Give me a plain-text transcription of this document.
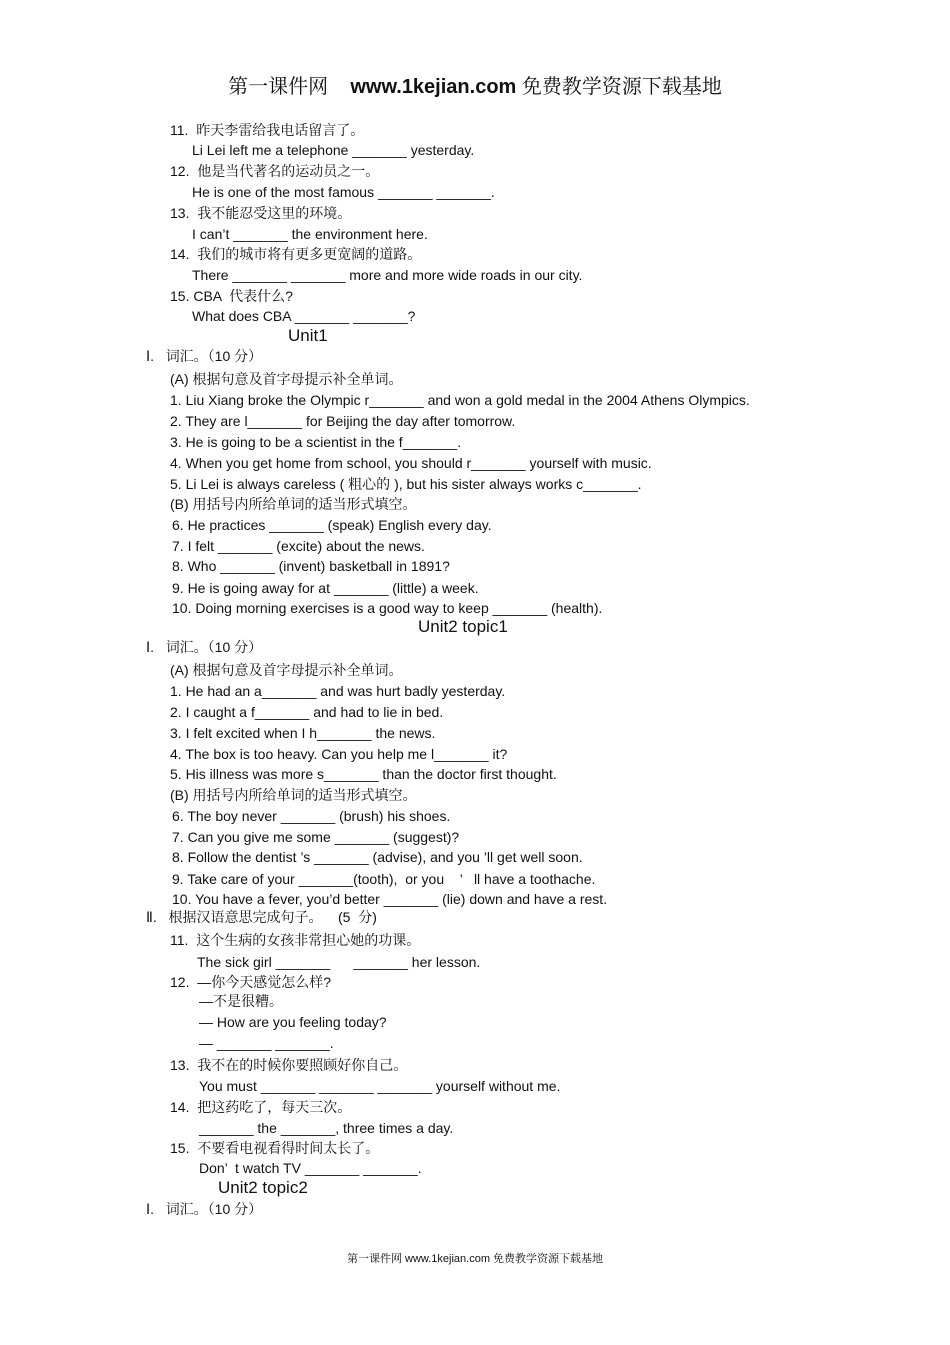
第一课件网 www.1kejian.com 免费教学资源下载基地
11.  昨天李雷给我电话留言了。
Li Lei left me a telephone _______ yesterday.
12.  他是当代著名的运动员之一。
He is one of the most famous _______ _______.
13.  我不能忍受这里的环境。
I can’t _______ the environment here.
14.  我们的城市将有更多更宽阔的道路。
There _______ _______ more and more wide roads in our city.
15. CBA  代表什么?
What does CBA _______ _______?
Unit1
Ⅰ.   词汇。（10 分）
(A) 根据句意及首字母提示补全单词。
1. Liu Xiang broke the Olympic r_______ and won a gold medal in the 2004 Athens Olympics.
2. They are l_______ for Beijing the day after tomorrow.
3. He is going to be a scientist in the f_______.
4. When you get home from school, you should r_______ yourself with music.
5. Li Lei is always careless ( 粗心的 ), but his sister always works c_______.
(B) 用括号内所给单词的适当形式填空。
6. He practices _______ (speak) English every day.
7. I felt _______ (excite) about the news.
8. Who _______ (invent) basketball in 1891?
9. He is going away for at _______ (little) a week.
10. Doing morning exercises is a good way to keep _______ (health).
Unit2 topic1
Ⅰ.   词汇。（10 分）
(A) 根据句意及首字母提示补全单词。
1. He had an a_______ and was hurt badly yesterday.
2. I caught a f_______ and had to lie in bed.
3. I felt excited when I h_______ the news.
4. The box is too heavy. Can you help me l_______ it?
5. His illness was more s_______ than the doctor first thought.
(B) 用括号内所给单词的适当形式填空。
6. The boy never _______ (brush) his shoes.
7. Can you give me some _______ (suggest)?
8. Follow the dentist ’s _______ (advise), and you ’ll get well soon.
9. Take care of your _______(tooth),  or you    ’   ll have a toothache.
10. You have a fever, you’d better _______ (lie) down and have a rest.
Ⅱ.   根据汉语意思完成句子。    (5  分)
11.  这个生病的女孩非常担心她的功课。
The sick girl _______      _______ her lesson.
12.  —你今天感觉怎么样?
—不是很糟。
— How are you feeling today?
— _______ _______.
13.  我不在的时候你要照顾好你自己。
You must _______ _______ _______ yourself without me.
14.  把这药吃了，每天三次。
_______ the _______, three times a day.
15.  不要看电视看得时间太长了。
Don’  t watch TV _______ _______.
Unit2 topic2
Ⅰ.   词汇。（10 分）
第一课件网 www.1kejian.com 免费教学资源下载基地
